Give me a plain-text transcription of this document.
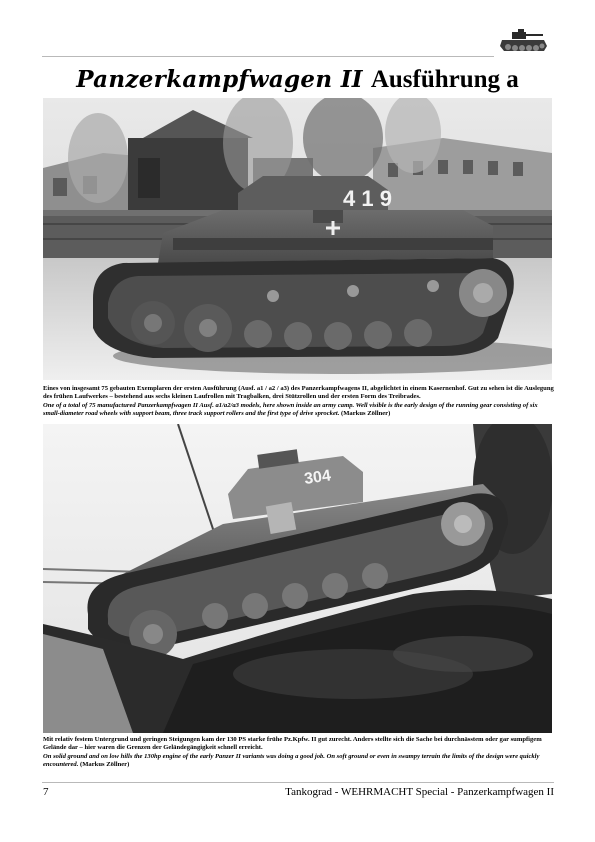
Panzerkampfwagen II Ausführung a
4 1 9

Eines von insgesamt 75 gebauten Exemplaren der ersten Ausführung (Ausf. a1 / a2 / a3) des Panzerkampfwagens II, abgelichtet in einem Kasernenhof. Gut zu sehen ist die Auslegung des frühen Laufwerkes – bestehend aus sechs kleinen Laufrollen mit Tragbalken, drei Stützrollen und der ersten Form des Treibrades.

One of a total of 75 manufactured Panzerkampfwagen II Ausf. a1/a2/a3 models, here shown inside an army camp. Well visible is the early design of the running gear consisting of six small-diameter road wheels with support beam, three track support rollers and the first type of drive sprocket. (Markus Zöllner)

304

Mit relativ festem Untergrund und geringen Steigungen kam der 130 PS starke frühe Pz.Kpfw. II gut zurecht. Anders stellte sich die Sache bei durchnässtem oder gar sumpfigem Gelände dar – hier waren die Grenzen der Geländegängigkeit schnell erreicht.

On solid ground and on low hills the 130hp engine of the early Panzer II variants was doing a good job. On soft ground or even in swampy terrain the limits of the design were quickly encountered. (Markus Zöllner)

7	Tankograd - WEHRMACHT Special - Panzerkampfwagen II
